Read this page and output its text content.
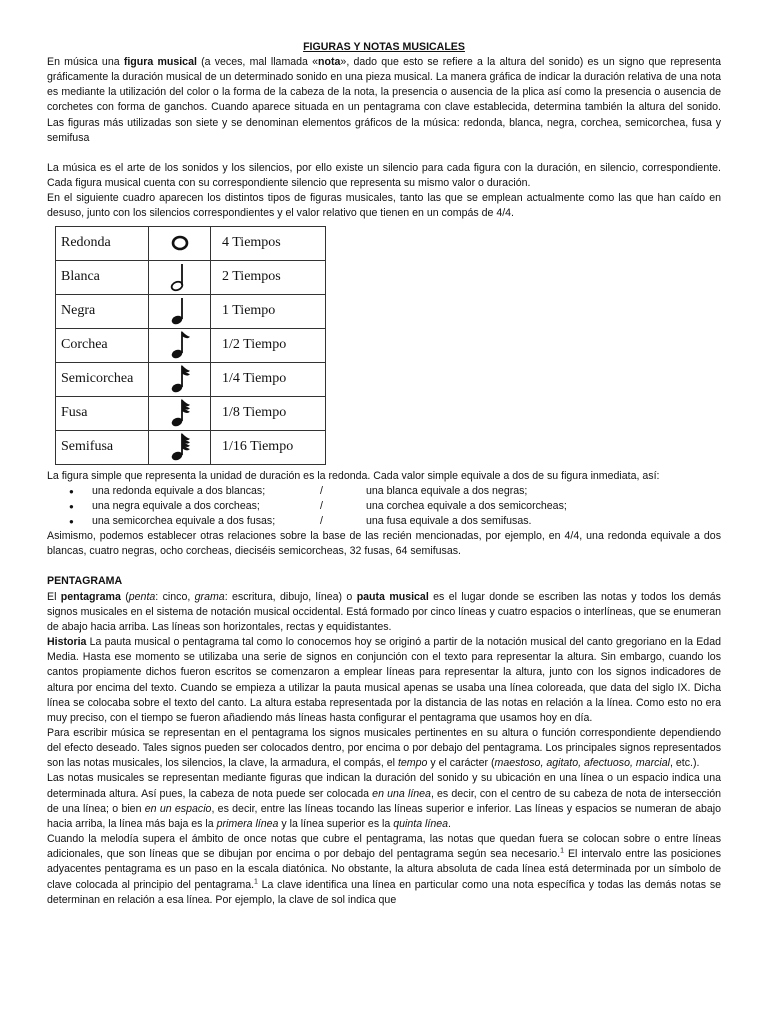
FIGURAS Y NOTAS MUSICALES

En música una figura musical (a veces, mal llamada «nota», dado que esto se refiere a la altura del sonido) es un signo que representa gráficamente la duración musical de un determinado sonido en una pieza musical. La manera gráfica de indicar la duración relativa de una nota es mediante la utilización del color o la forma de la cabeza de la nota, la presencia o ausencia de la plica así como la presencia o ausencia de corchetes con forma de ganchos. Cuando aparece situada en un pentagrama con clave establecida, determina también la altura del sonido. Las figuras más utilizadas son siete y se denominan elementos gráficos de la música: redonda, blanca, negra, corchea, semicorchea, fusa y semifusa

La música es el arte de los sonidos y los silencios, por ello existe un silencio para cada figura con la duración, en silencio, correspondiente. Cada figura musical cuenta con su correspondiente silencio que representa su mismo valor o duración.

En el siguiente cuadro aparecen los distintos tipos de figuras musicales, tanto las que se emplean actualmente como las que han caído en desuso, junto con los silencios correspondientes y el valor relativo que tienen en un compás de 4/4.

Redonda		4 Tiempos
Blanca		2 Tiempos
Negra		1 Tiempo
Corchea		1/2 Tiempo
Semicorchea		1/4 Tiempo
Fusa		1/8 Tiempo
Semifusa		1/16 Tiempo

La figura simple que representa la unidad de duración es la redonda. Cada valor simple equivale a dos de su figura inmediata, así:

●
una redonda equivale a dos blancas;	/	una blanca equivale a dos negras;
●
una negra equivale a dos corcheas;	/	una corchea equivale a dos semicorcheas;
●
una semicorchea equivale a dos fusas;	/	una fusa equivale a dos semifusas.

Asimismo, podemos establecer otras relaciones sobre la base de las recién mencionadas, por ejemplo, en 4/4, una redonda equivale a dos blancas, cuatro negras, ocho corcheas, dieciséis semicorcheas, 32 fusas, 64 semifusas.

PENTAGRAMA

El pentagrama (penta: cinco, grama: escritura, dibujo, línea) o pauta musical es el lugar donde se escriben las notas y todos los demás signos musicales en el sistema de notación musical occidental. Está formado por cinco líneas y cuatro espacios o interlíneas, que se enumeran de abajo hacia arriba. Las líneas son horizontales, rectas y equidistantes.

Historia La pauta musical o pentagrama tal como lo conocemos hoy se originó a partir de la notación musical del canto gregoriano en la Edad Media. Hasta ese momento se utilizaba una serie de signos en conjunción con el texto para representar la altura. Sin embargo, cuando los cantos propiamente dichos fueron escritos se comenzaron a emplear líneas para representar la altura, junto con los signos indicadores de altura por encima del texto. Cuando se empieza a utilizar la pauta musical apenas se usaba una línea coloreada, que data del siglo IX. Dicha línea se colocaba sobre el texto del canto. La altura estaba representada por la distancia de las notas en relación a la línea. Como esto no era muy preciso, con el tiempo se fueron añadiendo más líneas hasta configurar el pentagrama que usamos hoy en día.

Para escribir música se representan en el pentagrama los signos musicales pertinentes en su altura o función correspondiente dependiendo del efecto deseado. Tales signos pueden ser colocados dentro, por encima o por debajo del pentagrama. Los principales signos representados son las notas musicales, los silencios, la clave, la armadura, el compás, el tempo y el carácter (maestoso, agitato, afectuoso, marcial, etc.).

Las notas musicales se representan mediante figuras que indican la duración del sonido y su ubicación en una línea o un espacio indica una determinada altura. Así pues, la cabeza de nota puede ser colocada en una línea, es decir, con el centro de su cabeza de nota de intersección de una línea; o bien en un espacio, es decir, entre las líneas tocando las líneas superior e inferior. Las líneas y espacios se numeran de abajo hacia arriba, la línea más baja es la primera línea y la línea superior es la quinta línea.

Cuando la melodía supera el ámbito de once notas que cubre el pentagrama, las notas que quedan fuera se colocan sobre o entre líneas adicionales, que son líneas que se dibujan por encima o por debajo del pentagrama según sea necesario.$^1$ El intervalo entre las posiciones adyacentes pentagrama es un paso en la escala diatónica. No obstante, la altura absoluta de cada línea está determinada por un símbolo de clave colocada al principio del pentagrama.$^1$ La clave identifica una línea en particular como una nota específica y todas las demás notas se determinan en relación a esa línea. Por ejemplo, la clave de sol indica que
